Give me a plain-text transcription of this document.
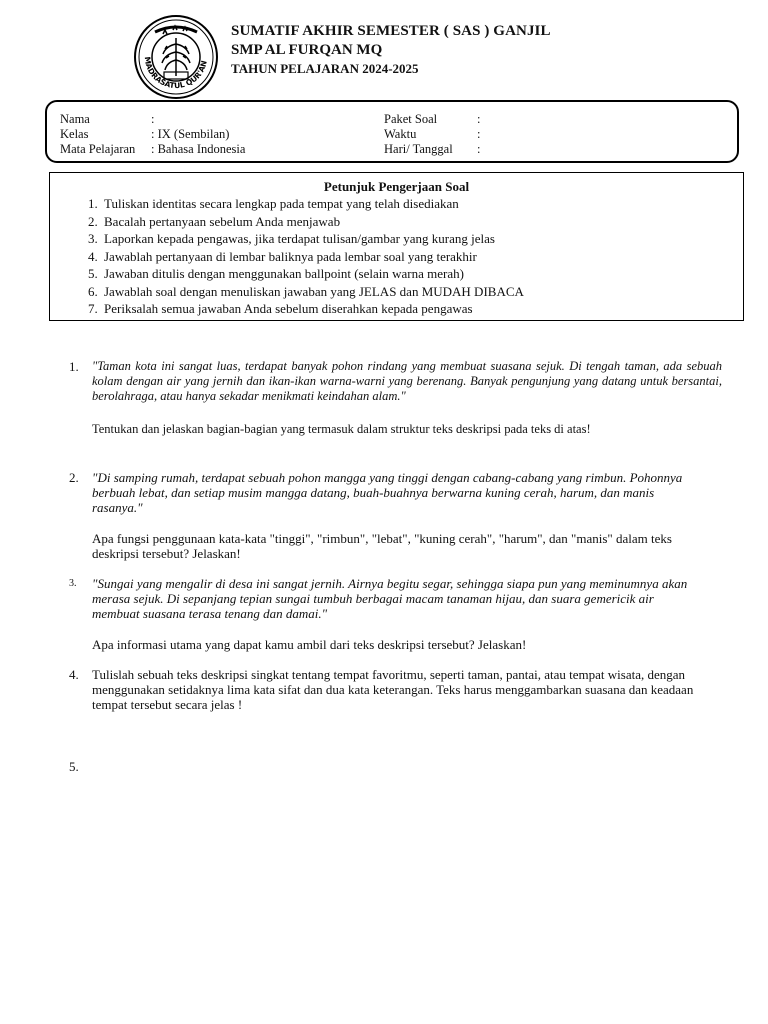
MADRASATUL QUR'AN
SUMATIF AKHIR SEMESTER ( SAS ) GANJIL
SMP AL FURQAN MQ
TAHUN PELAJARAN 2024-2025
Nama	:
Kelas	: IX (Sembilan)
Mata Pelajaran : Bahasa Indonesia
Paket Soal	:
Waktu	:
Hari/ Tanggal :
Petunjuk Pengerjaan Soal
1. Tuliskan identitas secara lengkap pada tempat yang telah disediakan
2. Bacalah pertanyaan sebelum Anda menjawab
3. Laporkan kepada pengawas, jika terdapat tulisan/gambar yang kurang jelas
4. Jawablah pertanyaan di lembar baliknya pada lembar soal yang terakhir
5. Jawaban ditulis dengan menggunakan ballpoint (selain warna merah)
6. Jawablah soal dengan menuliskan jawaban yang JELAS dan MUDAH DIBACA
7. Periksalah semua jawaban Anda sebelum diserahkan kepada pengawas
1. "Taman kota ini sangat luas, terdapat banyak pohon rindang yang membuat suasana sejuk. Di tengah taman, ada sebuah kolam dengan air yang jernih dan ikan-ikan warna-warni yang berenang. Banyak pengunjung yang datang untuk bersantai, berolahraga, atau hanya sekadar menikmati keindahan alam."
Tentukan dan jelaskan bagian-bagian yang termasuk dalam struktur teks deskripsi pada teks di atas!
2. "Di samping rumah, terdapat sebuah pohon mangga yang tinggi dengan cabang-cabang yang rimbun. Pohonnya berbuah lebat, dan setiap musim mangga datang, buah-buahnya berwarna kuning cerah, harum, dan manis rasanya."
Apa fungsi penggunaan kata-kata "tinggi", "rimbun", "lebat", "kuning cerah", "harum", dan "manis" dalam teks deskripsi tersebut? Jelaskan!
3. "Sungai yang mengalir di desa ini sangat jernih. Airnya begitu segar, sehingga siapa pun yang meminumnya akan merasa sejuk. Di sepanjang tepian sungai tumbuh berbagai macam tanaman hijau, dan suara gemericik air membuat suasana terasa tenang dan damai."
Apa informasi utama yang dapat kamu ambil dari teks deskripsi tersebut? Jelaskan!
4. Tulislah sebuah teks deskripsi singkat tentang tempat favoritmu, seperti taman, pantai, atau tempat wisata, dengan menggunakan setidaknya lima kata sifat dan dua kata keterangan. Teks harus menggambarkan suasana dan keadaan tempat tersebut secara jelas !
5.
